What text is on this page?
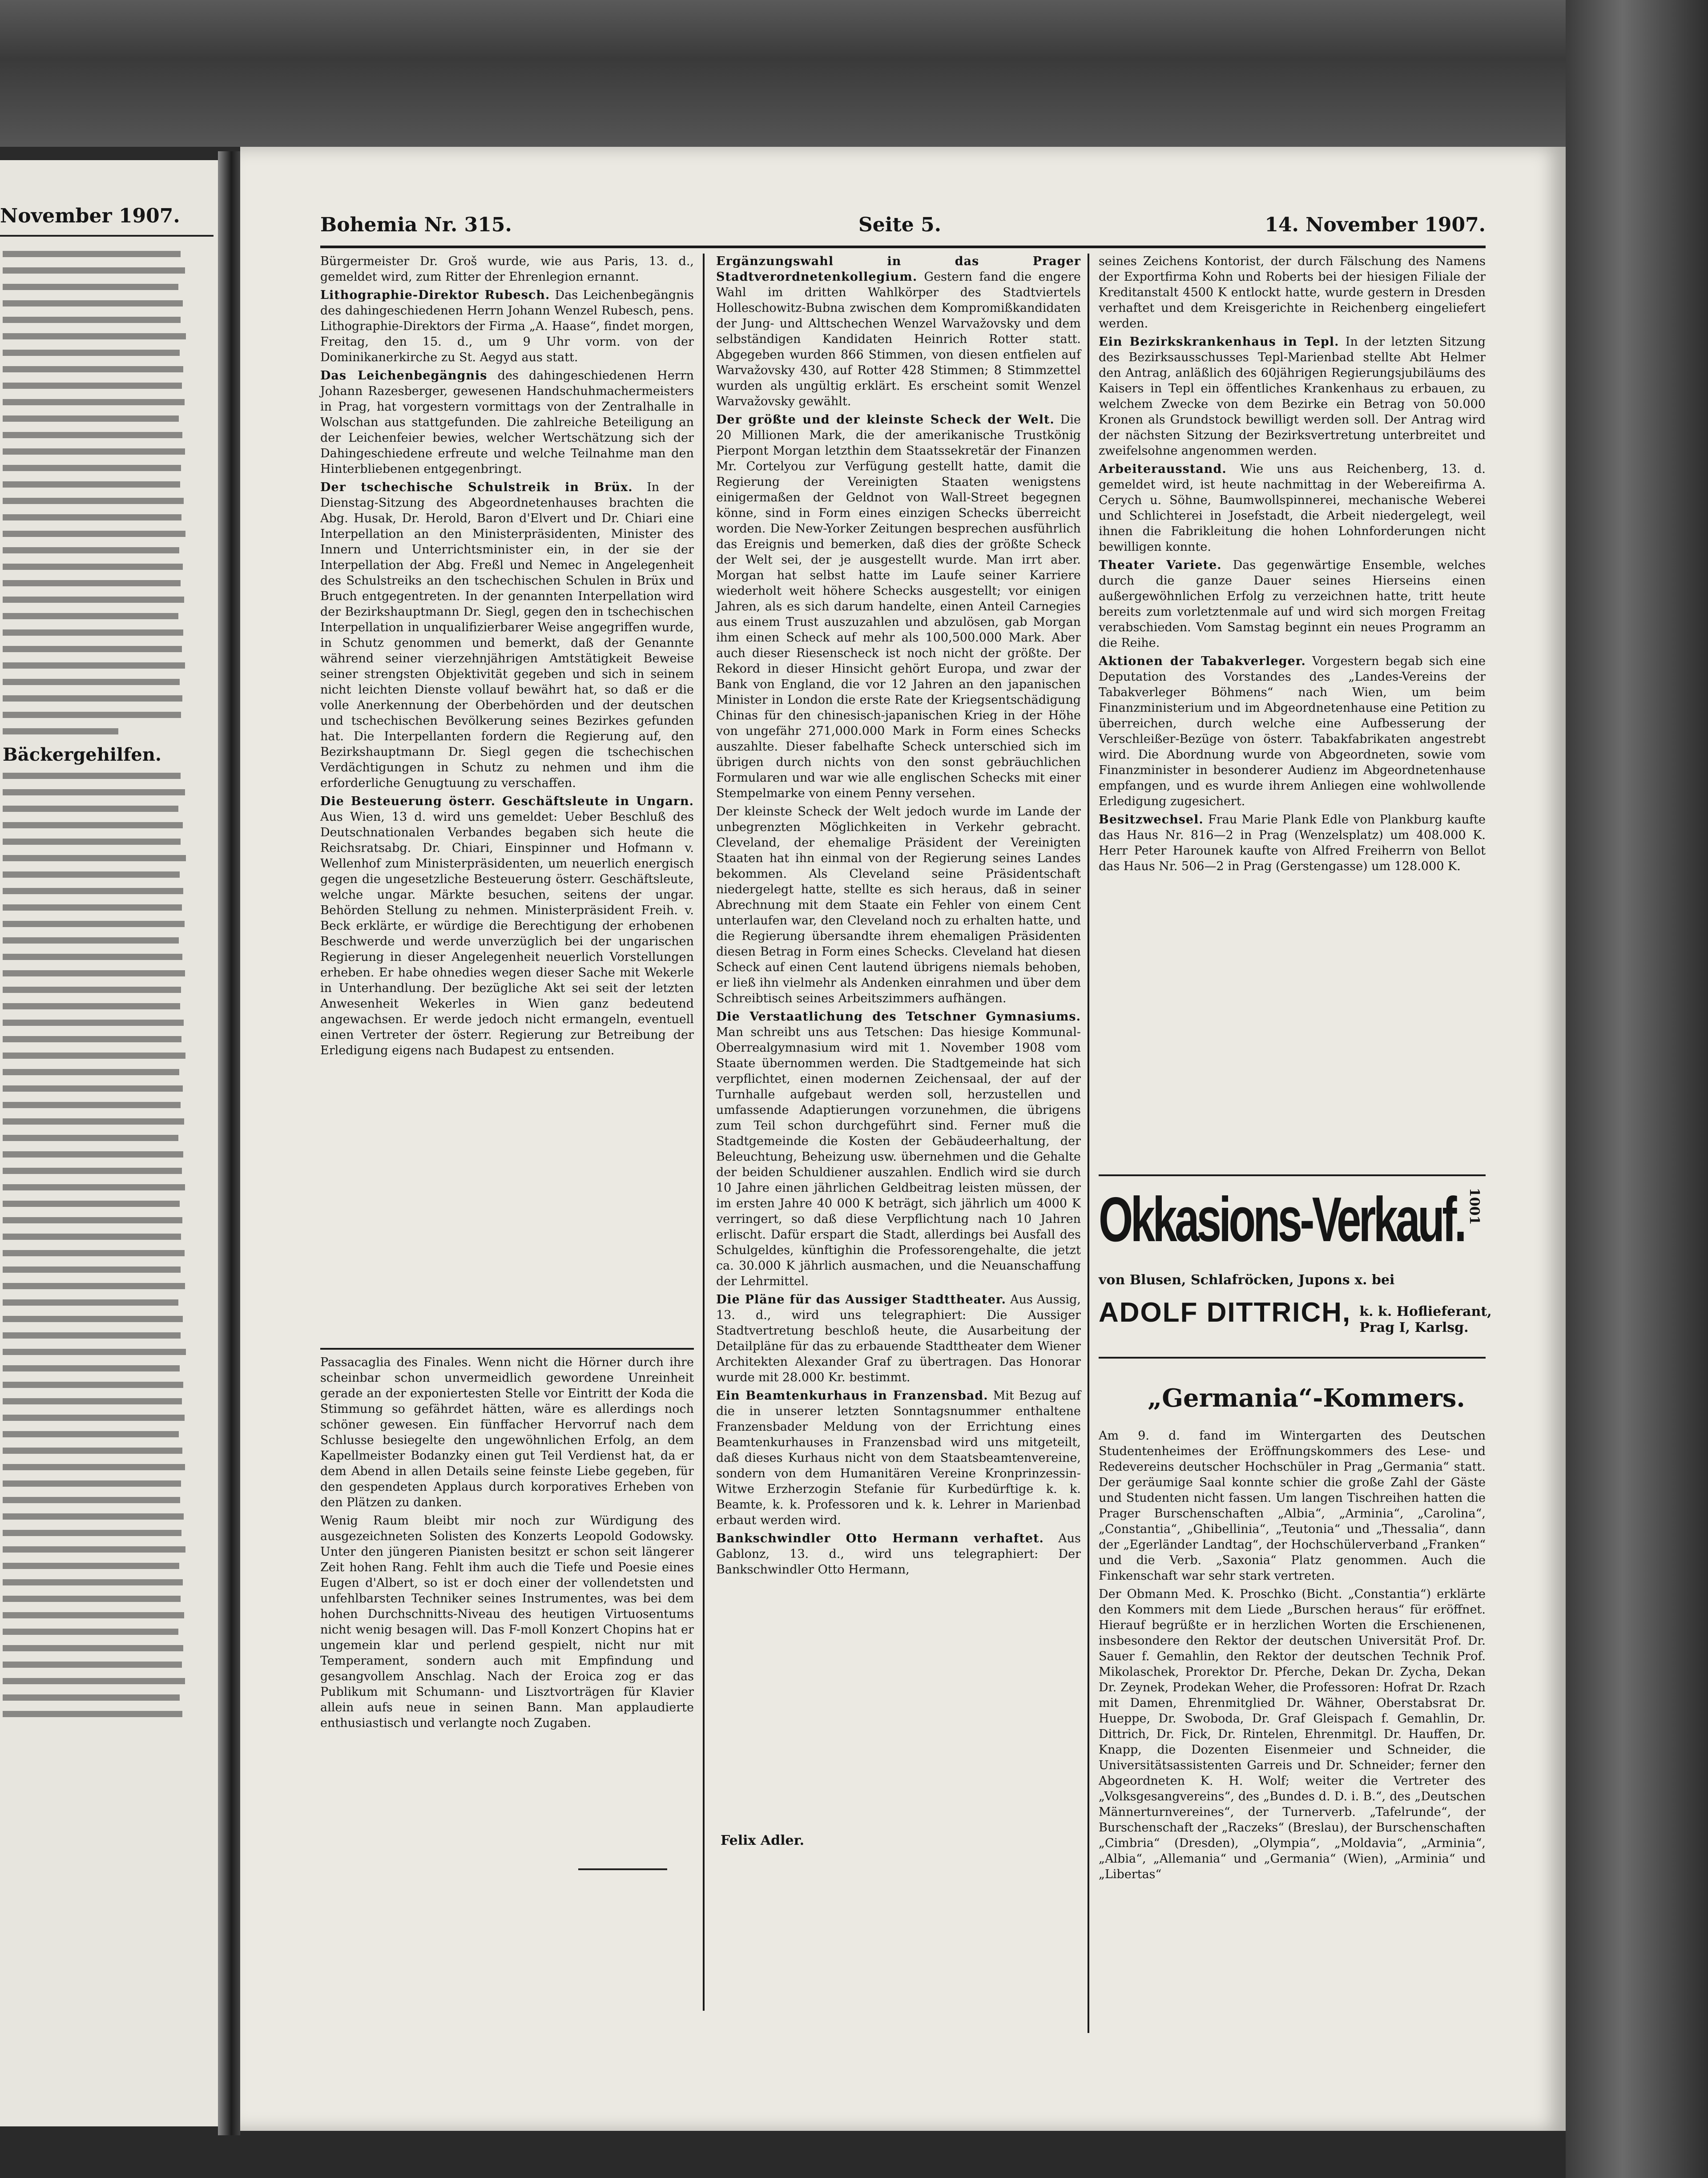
November 1907.
Bäckergehilfen.
Bohemia Nr. 315.	Seite 5.	14. November 1907.

Bürgermeister Dr. Groš wurde, wie aus Paris, 13. d., gemeldet wird, zum Ritter der Ehrenlegion ernannt.

Lithographie-Direktor Rubesch. Das Leichenbegängnis des dahingeschiedenen Herrn Johann Wenzel Rubesch, pens. Lithographie-Direktors der Firma „A. Haase“, findet morgen, Freitag, den 15. d., um 9 Uhr vorm. von der Dominikanerkirche zu St. Aegyd aus statt.

Das Leichenbegängnis des dahingeschiedenen Herrn Johann Razesberger, gewesenen Handschuhmachermeisters in Prag, hat vorgestern vormittags von der Zentralhalle in Wolschan aus stattgefunden. Die zahlreiche Beteiligung an der Leichenfeier bewies, welcher Wertschätzung sich der Dahingeschiedene erfreute und welche Teilnahme man den Hinterbliebenen entgegenbringt.

Der tschechische Schulstreik in Brüx. In der Dienstag-Sitzung des Abgeordnetenhauses brachten die Abg. Husak, Dr. Herold, Baron d'Elvert und Dr. Chiari eine Interpellation an den Ministerpräsidenten, Minister des Innern und Unterrichtsminister ein, in der sie der Interpellation der Abg. Freßl und Nemec in Angelegenheit des Schulstreiks an den tschechischen Schulen in Brüx und Bruch entgegentreten. In der genannten Interpellation wird der Bezirkshauptmann Dr. Siegl, gegen den in tschechischen Interpellation in unqualifizierbarer Weise angegriffen wurde, in Schutz genommen und bemerkt, daß der Genannte während seiner vierzehnjährigen Amtstätigkeit Beweise seiner strengsten Objektivität gegeben und sich in seinem nicht leichten Dienste vollauf bewährt hat, so daß er die volle Anerkennung der Oberbehörden und der deutschen und tschechischen Bevölkerung seines Bezirkes gefunden hat. Die Interpellanten fordern die Regierung auf, den Bezirkshauptmann Dr. Siegl gegen die tschechischen Verdächtigungen in Schutz zu nehmen und ihm die erforderliche Genugtuung zu verschaffen.

Die Besteuerung österr. Geschäftsleute in Ungarn. Aus Wien, 13 d. wird uns gemeldet: Ueber Beschluß des Deutschnationalen Verbandes begaben sich heute die Reichsratsabg. Dr. Chiari, Einspinner und Hofmann v. Wellenhof zum Ministerpräsidenten, um neuerlich energisch gegen die ungesetzliche Besteuerung österr. Geschäftsleute, welche ungar. Märkte besuchen, seitens der ungar. Behörden Stellung zu nehmen. Ministerpräsident Freih. v. Beck erklärte, er würdige die Berechtigung der erhobenen Beschwerde und werde unverzüglich bei der ungarischen Regierung in dieser Angelegenheit neuerlich Vorstellungen erheben. Er habe ohnedies wegen dieser Sache mit Wekerle in Unterhandlung. Der bezügliche Akt sei seit der letzten Anwesenheit Wekerles in Wien ganz bedeutend angewachsen. Er werde jedoch nicht ermangeln, eventuell einen Vertreter der österr. Regierung zur Betreibung der Erledigung eigens nach Budapest zu entsenden.

Passacaglia des Finales. Wenn nicht die Hörner durch ihre scheinbar schon unvermeidlich gewordene Unreinheit gerade an der exponiertesten Stelle vor Eintritt der Koda die Stimmung so gefährdet hätten, wäre es allerdings noch schöner gewesen. Ein fünffacher Hervorruf nach dem Schlusse besiegelte den ungewöhnlichen Erfolg, an dem Kapellmeister Bodanzky einen gut Teil Verdienst hat, da er dem Abend in allen Details seine feinste Liebe gegeben, für den gespendeten Applaus durch korporatives Erheben von den Plätzen zu danken.

Wenig Raum bleibt mir noch zur Würdigung des ausgezeichneten Solisten des Konzerts Leopold Godowsky. Unter den jüngeren Pianisten besitzt er schon seit längerer Zeit hohen Rang. Fehlt ihm auch die Tiefe und Poesie eines Eugen d'Albert, so ist er doch einer der vollendetsten und unfehlbarsten Techniker seines Instrumentes, was bei dem hohen Durchschnitts-Niveau des heutigen Virtuosentums nicht wenig besagen will. Das F-moll Konzert Chopins hat er ungemein klar und perlend gespielt, nicht nur mit Temperament, sondern auch mit Empfindung und gesangvollem Anschlag. Nach der Eroica zog er das Publikum mit Schumann- und Lisztvorträgen für Klavier allein aufs neue in seinen Bann. Man applaudierte enthusiastisch und verlangte noch Zugaben.

Ergänzungswahl in das Prager Stadtverordnetenkollegium. Gestern fand die engere Wahl im dritten Wahlkörper des Stadtviertels Holleschowitz-Bubna zwischen dem Kompromißkandidaten der Jung- und Alttschechen Wenzel Warvažovsky und dem selbständigen Kandidaten Heinrich Rotter statt. Abgegeben wurden 866 Stimmen, von diesen entfielen auf Warvažovsky 430, auf Rotter 428 Stimmen; 8 Stimmzettel wurden als ungültig erklärt. Es erscheint somit Wenzel Warvažovsky gewählt.

Der größte und der kleinste Scheck der Welt. Die 20 Millionen Mark, die der amerikanische Trustkönig Pierpont Morgan letzthin dem Staatssekretär der Finanzen Mr. Cortelyou zur Verfügung gestellt hatte, damit die Regierung der Vereinigten Staaten wenigstens einigermaßen der Geldnot von Wall-Street begegnen könne, sind in Form eines einzigen Schecks überreicht worden. Die New-Yorker Zeitungen besprechen ausführlich das Ereignis und bemerken, daß dies der größte Scheck der Welt sei, der je ausgestellt wurde. Man irrt aber. Morgan hat selbst hatte im Laufe seiner Karriere wiederholt weit höhere Schecks ausgestellt; vor einigen Jahren, als es sich darum handelte, einen Anteil Carnegies aus einem Trust auszuzahlen und abzulösen, gab Morgan ihm einen Scheck auf mehr als 100,500.000 Mark. Aber auch dieser Riesenscheck ist noch nicht der größte. Der Rekord in dieser Hinsicht gehört Europa, und zwar der Bank von England, die vor 12 Jahren an den japanischen Minister in London die erste Rate der Kriegsentschädigung Chinas für den chinesisch-japanischen Krieg in der Höhe von ungefähr 271,000.000 Mark in Form eines Schecks auszahlte. Dieser fabelhafte Scheck unterschied sich im übrigen durch nichts von den sonst gebräuchlichen Formularen und war wie alle englischen Schecks mit einer Stempelmarke von einem Penny versehen.

Der kleinste Scheck der Welt jedoch wurde im Lande der unbegrenzten Möglichkeiten in Verkehr gebracht. Cleveland, der ehemalige Präsident der Vereinigten Staaten hat ihn einmal von der Regierung seines Landes bekommen. Als Cleveland seine Präsidentschaft niedergelegt hatte, stellte es sich heraus, daß in seiner Abrechnung mit dem Staate ein Fehler von einem Cent unterlaufen war, den Cleveland noch zu erhalten hatte, und die Regierung übersandte ihrem ehemaligen Präsidenten diesen Betrag in Form eines Schecks. Cleveland hat diesen Scheck auf einen Cent lautend übrigens niemals behoben, er ließ ihn vielmehr als Andenken einrahmen und über dem Schreibtisch seines Arbeitszimmers aufhängen.

Die Verstaatlichung des Tetschner Gymnasiums. Man schreibt uns aus Tetschen: Das hiesige Kommunal-Oberrealgymnasium wird mit 1. November 1908 vom Staate übernommen werden. Die Stadtgemeinde hat sich verpflichtet, einen modernen Zeichensaal, der auf der Turnhalle aufgebaut werden soll, herzustellen und umfassende Adaptierungen vorzunehmen, die übrigens zum Teil schon durchgeführt sind. Ferner muß die Stadtgemeinde die Kosten der Gebäudeerhaltung, der Beleuchtung, Beheizung usw. übernehmen und die Gehalte der beiden Schuldiener auszahlen. Endlich wird sie durch 10 Jahre einen jährlichen Geldbeitrag leisten müssen, der im ersten Jahre 40 000 K beträgt, sich jährlich um 4000 K verringert, so daß diese Verpflichtung nach 10 Jahren erlischt. Dafür erspart die Stadt, allerdings bei Ausfall des Schulgeldes, künftighin die Professorengehalte, die jetzt ca. 30.000 K jährlich ausmachen, und die Neuanschaffung der Lehrmittel.

Die Pläne für das Aussiger Stadttheater. Aus Aussig, 13. d., wird uns telegraphiert: Die Aussiger Stadtvertretung beschloß heute, die Ausarbeitung der Detailpläne für das zu erbauende Stadttheater dem Wiener Architekten Alexander Graf zu übertragen. Das Honorar wurde mit 28.000 Kr. bestimmt.

Ein Beamtenkurhaus in Franzensbad. Mit Bezug auf die in unserer letzten Sonntagsnummer enthaltene Franzensbader Meldung von der Errichtung eines Beamtenkurhauses in Franzensbad wird uns mitgeteilt, daß dieses Kurhaus nicht von dem Staatsbeamtenvereine, sondern von dem Humanitären Vereine Kronprinzessin-Witwe Erzherzogin Stefanie für Kurbedürftige k. k. Beamte, k. k. Professoren und k. k. Lehrer in Marienbad erbaut werden wird.

Bankschwindler Otto Hermann verhaftet. Aus Gablonz, 13. d., wird uns telegraphiert: Der Bankschwindler Otto Hermann,

seines Zeichens Kontorist, der durch Fälschung des Namens der Exportfirma Kohn und Roberts bei der hiesigen Filiale der Kreditanstalt 4500 K entlockt hatte, wurde gestern in Dresden verhaftet und dem Kreisgerichte in Reichenberg eingeliefert werden.

Ein Bezirkskrankenhaus in Tepl. In der letzten Sitzung des Bezirksausschusses Tepl-Marienbad stellte Abt Helmer den Antrag, anläßlich des 60jährigen Regierungsjubiläums des Kaisers in Tepl ein öffentliches Krankenhaus zu erbauen, zu welchem Zwecke von dem Bezirke ein Betrag von 50.000 Kronen als Grundstock bewilligt werden soll. Der Antrag wird der nächsten Sitzung der Bezirksvertretung unterbreitet und zweifelsohne angenommen werden.

Arbeiterausstand. Wie uns aus Reichenberg, 13. d. gemeldet wird, ist heute nachmittag in der Webereifirma A. Cerych u. Söhne, Baumwollspinnerei, mechanische Weberei und Schlichterei in Josefstadt, die Arbeit niedergelegt, weil ihnen die Fabrikleitung die hohen Lohnforderungen nicht bewilligen konnte.

Theater Variete. Das gegenwärtige Ensemble, welches durch die ganze Dauer seines Hierseins einen außergewöhnlichen Erfolg zu verzeichnen hatte, tritt heute bereits zum vorletztenmale auf und wird sich morgen Freitag verabschieden. Vom Samstag beginnt ein neues Programm an die Reihe.

Aktionen der Tabakverleger. Vorgestern begab sich eine Deputation des Vorstandes des „Landes-Vereins der Tabakverleger Böhmens“ nach Wien, um beim Finanzministerium und im Abgeordnetenhause eine Petition zu überreichen, durch welche eine Aufbesserung der Verschleißer-Bezüge von österr. Tabakfabrikaten angestrebt wird. Die Abordnung wurde von Abgeordneten, sowie vom Finanzminister in besonderer Audienz im Abgeordnetenhause empfangen, und es wurde ihrem Anliegen eine wohlwollende Erledigung zugesichert.

Besitzwechsel. Frau Marie Plank Edle von Plankburg kaufte das Haus Nr. 816—2 in Prag (Wenzelsplatz) um 408.000 K. Herr Peter Harounek kaufte von Alfred Freiherrn von Bellot das Haus Nr. 506—2 in Prag (Gerstengasse) um 128.000 K.

Okkasions-Verkauf. 1001
von Blusen, Schlafröcken, Jupons x. bei
ADOLF DITTRICH, k. k. Hoflieferant,
Prag I, Karlsg.
„Germania“-Kommers.

Am 9. d. fand im Wintergarten des Deutschen Studentenheimes der Eröffnungskommers des Lese- und Redevereins deutscher Hochschüler in Prag „Germania“ statt. Der geräumige Saal konnte schier die große Zahl der Gäste und Studenten nicht fassen. Um langen Tischreihen hatten die Prager Burschenschaften „Albia“, „Arminia“, „Carolina“, „Constantia“, „Ghibellinia“, „Teutonia“ und „Thessalia“, dann der „Egerländer Landtag“, der Hochschülerverband „Franken“ und die Verb. „Saxonia“ Platz genommen. Auch die Finkenschaft war sehr stark vertreten.

Der Obmann Med. K. Proschko (Bicht. „Constantia“) erklärte den Kommers mit dem Liede „Burschen heraus“ für eröffnet. Hierauf begrüßte er in herzlichen Worten die Erschienenen, insbesondere den Rektor der deutschen Universität Prof. Dr. Sauer f. Gemahlin, den Rektor der deutschen Technik Prof. Mikolaschek, Prorektor Dr. Pferche, Dekan Dr. Zycha, Dekan Dr. Zeynek, Prodekan Weher, die Professoren: Hofrat Dr. Rzach mit Damen, Ehrenmitglied Dr. Wähner, Oberstabsrat Dr. Hueppe, Dr. Swoboda, Dr. Graf Gleispach f. Gemahlin, Dr. Dittrich, Dr. Fick, Dr. Rintelen, Ehrenmitgl. Dr. Hauffen, Dr. Knapp, die Dozenten Eisenmeier und Schneider, die Universitätsassistenten Garreis und Dr. Schneider; ferner den Abgeordneten K. H. Wolf; weiter die Vertreter des „Volksgesangvereins“, des „Bundes d. D. i. B.“, des „Deutschen Männerturnvereines“, der Turnerverb. „Tafelrunde“, der Burschenschaft der „Raczeks“ (Breslau), der Burschenschaften „Cimbria“ (Dresden), „Olympia“, „Moldavia“, „Arminia“, „Albia“, „Allemania“ und „Germania“ (Wien), „Arminia“ und „Libertas“

Felix Adler.
